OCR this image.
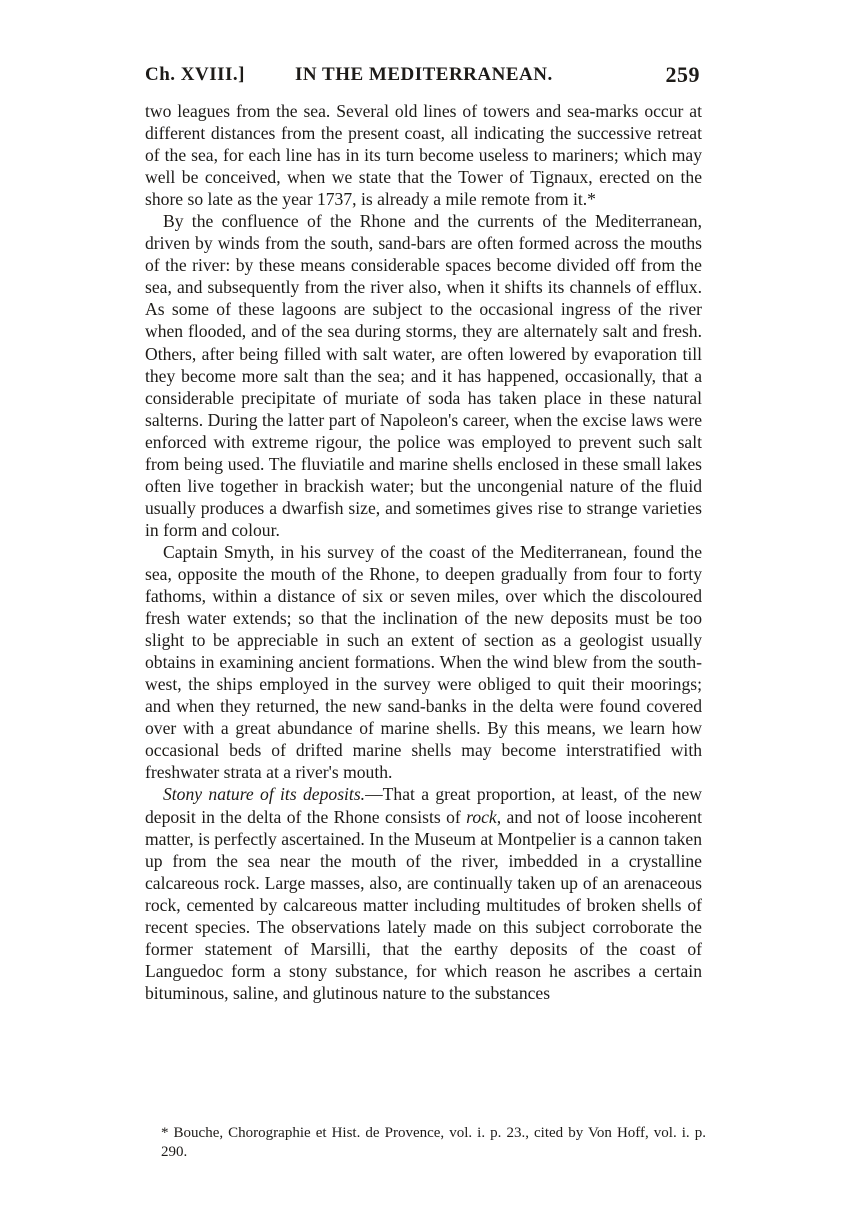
Ch. XVIII.]	IN THE MEDITERRANEAN.	259

two leagues from the sea. Several old lines of towers and sea-marks occur at different distances from the present coast, all indicating the successive retreat of the sea, for each line has in its turn become useless to mariners; which may well be conceived, when we state that the Tower of Tignaux, erected on the shore so late as the year 1737, is already a mile remote from it.*

By the confluence of the Rhone and the currents of the Mediterranean, driven by winds from the south, sand-bars are often formed across the mouths of the river: by these means considerable spaces become divided off from the sea, and subsequently from the river also, when it shifts its channels of efflux. As some of these lagoons are subject to the occasional ingress of the river when flooded, and of the sea during storms, they are alternately salt and fresh. Others, after being filled with salt water, are often lowered by evaporation till they become more salt than the sea; and it has happened, occasionally, that a considerable precipitate of muriate of soda has taken place in these natural salterns. During the latter part of Napoleon's career, when the excise laws were enforced with extreme rigour, the police was employed to prevent such salt from being used. The fluviatile and marine shells enclosed in these small lakes often live together in brackish water; but the uncongenial nature of the fluid usually produces a dwarfish size, and sometimes gives rise to strange varieties in form and colour.

Captain Smyth, in his survey of the coast of the Mediterranean, found the sea, opposite the mouth of the Rhone, to deepen gradually from four to forty fathoms, within a distance of six or seven miles, over which the discoloured fresh water extends; so that the inclination of the new deposits must be too slight to be appreciable in such an extent of section as a geologist usually obtains in examining ancient formations. When the wind blew from the south-west, the ships employed in the survey were obliged to quit their moorings; and when they returned, the new sand-banks in the delta were found covered over with a great abundance of marine shells. By this means, we learn how occasional beds of drifted marine shells may become interstratified with freshwater strata at a river's mouth.

Stony nature of its deposits.—That a great proportion, at least, of the new deposit in the delta of the Rhone consists of rock, and not of loose incoherent matter, is perfectly ascertained. In the Museum at Montpelier is a cannon taken up from the sea near the mouth of the river, imbedded in a crystalline calcareous rock. Large masses, also, are continually taken up of an arenaceous rock, cemented by calcareous matter including multitudes of broken shells of recent species. The observations lately made on this subject corroborate the former statement of Marsilli, that the earthy deposits of the coast of Languedoc form a stony substance, for which reason he ascribes a certain bituminous, saline, and glutinous nature to the substances

* Bouche, Chorographie et Hist. de Provence, vol. i. p. 23., cited by Von Hoff, vol. i. p. 290.
